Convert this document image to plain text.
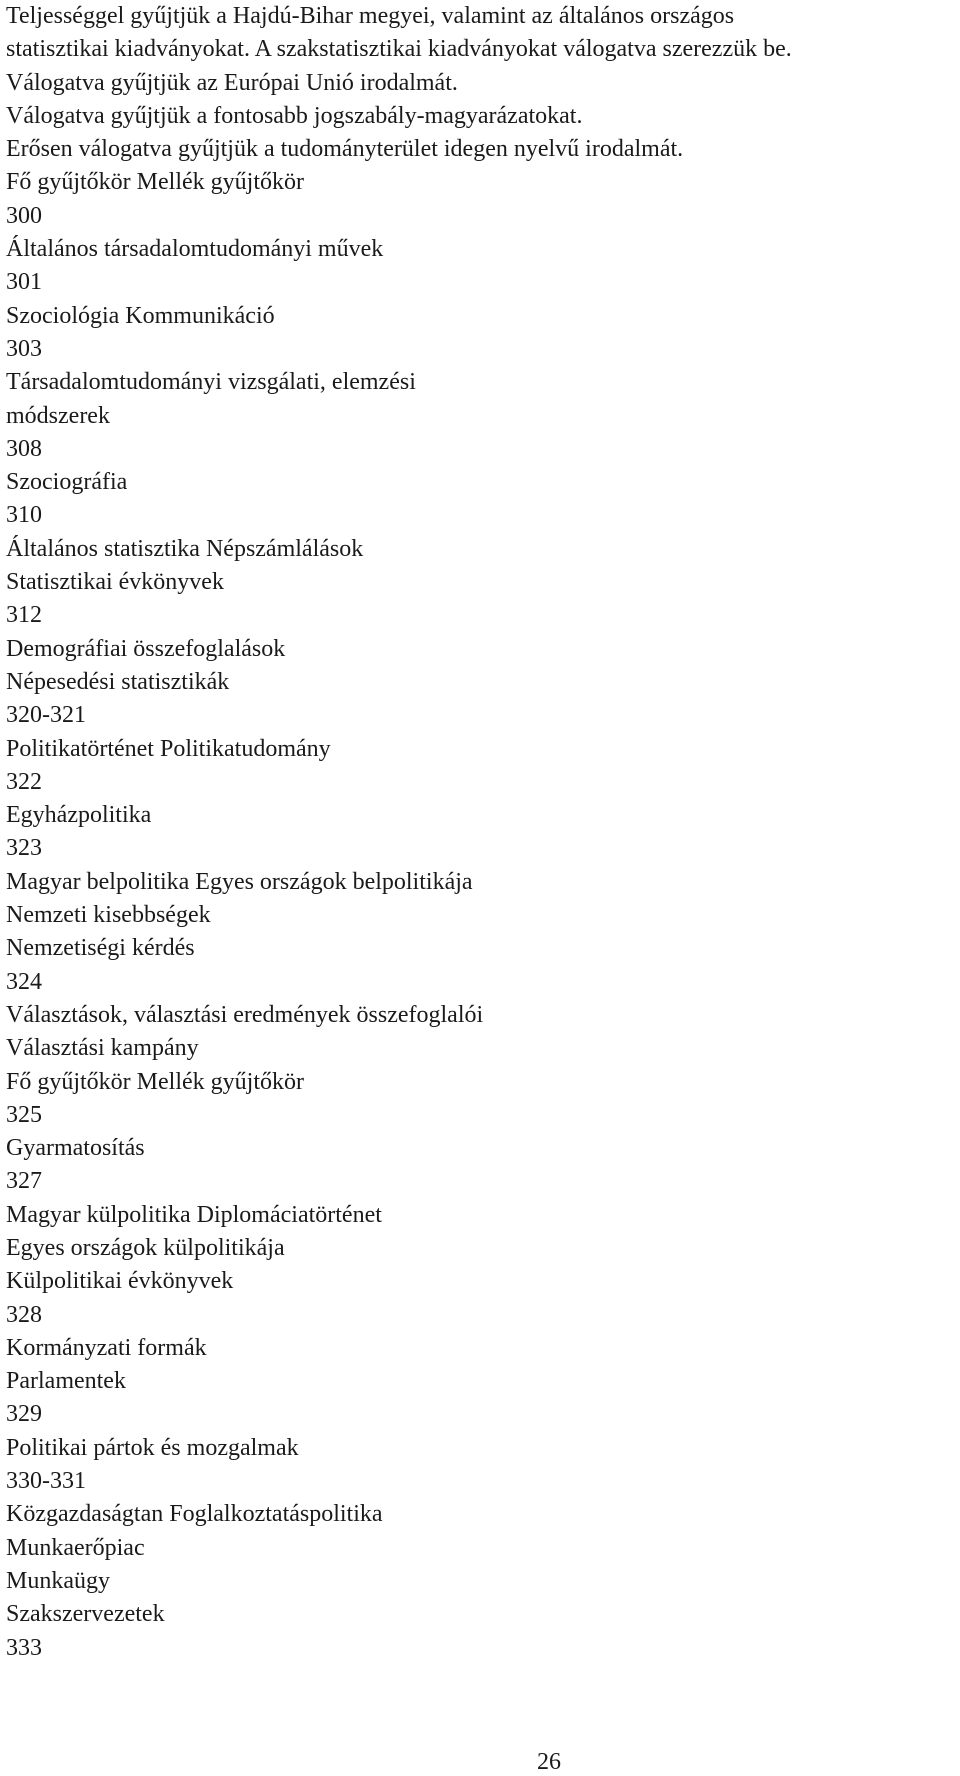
Teljességgel gyűjtjük a Hajdú-Bihar megyei, valamint az általános országos
statisztikai kiadványokat. A szakstatisztikai kiadványokat válogatva szerezzük be.
Válogatva gyűjtjük az Európai Unió irodalmát.
Válogatva gyűjtjük a fontosabb jogszabály-magyarázatokat.
Erősen válogatva gyűjtjük a tudományterület idegen nyelvű irodalmát.
Fő gyűjtőkör Mellék gyűjtőkör
300
Általános társadalomtudományi művek
301
Szociológia Kommunikáció
303
Társadalomtudományi vizsgálati, elemzési
módszerek
308
Szociográfia
310
Általános statisztika Népszámlálások
Statisztikai évkönyvek
312
Demográfiai összefoglalások
Népesedési statisztikák
320-321
Politikatörténet Politikatudomány
322
Egyházpolitika
323
Magyar belpolitika Egyes országok belpolitikája
Nemzeti kisebbségek
Nemzetiségi kérdés
324
Választások, választási eredmények összefoglalói
Választási kampány
Fő gyűjtőkör Mellék gyűjtőkör
325
Gyarmatosítás
327
Magyar külpolitika Diplomáciatörténet
Egyes országok külpolitikája
Külpolitikai évkönyvek
328
Kormányzati formák
Parlamentek
329
Politikai pártok és mozgalmak
330-331
Közgazdaságtan Foglalkoztatáspolitika
Munkaerőpiac
Munkaügy
Szakszervezetek
333
26
